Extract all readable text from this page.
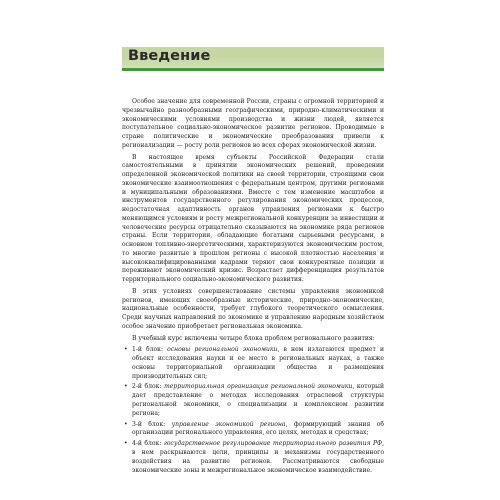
Введение

Особое значение для современной России, страны с огромной территорией и чрезвычайно разнообразными географическими, природно-климатическими и экономическими условиями производства и жизни людей, является поступательное социально-экономическое развитие регионов. Проводимые в стране политические и экономические преобразования привели к регионализации — росту роли регионов во всех сферах экономической жизни.

В настоящее время субъекты Российской Федерации стали самостоятельными в принятии экономических решений, проведении определенной экономической политики на своей территории, строящими свои экономические взаимоотношения с федеральным центром, другими регионами и муниципальными образованиями. Вместе с тем изменение масштабов и инструментов государственного регулирования экономических процессов, недостаточная адаптивность органов управления регионами к быстро меняющимся условиям и росту межрегиональной конкуренции за инвестиции и человеческие ресурсы отрицательно сказываются на экономике ряда регионов страны. Если территории, обладающие богатыми сырьевыми ресурсами, в основном топливно-энергетическими, характеризуются экономическим ростом, то многие развитые в прошлом регионы с высокой плотностью населения и высококвалифицированными кадрами теряют свои конкурентные позиции и переживают экономический кризис. Возрастает дифференциация результатов территориального социально-экономического развития.

В этих условиях совершенствование системы управления экономикой регионов, имеющих своеобразные исторические, природно-экономические, национальные особенности, требует глубокого теоретического осмысления. Среди научных направлений по экономике и управлению народным хозяйством особое значение приобретает региональная экономика.

В учебный курс включены четыре блока проблем регионального развития:

• 1-й блок: основы региональной экономики, в нем излагаются предмет и объект исследования науки и ее место в региональных науках, а также основы территориальной организации общества и размещения производительных сил;
• 2-й блок: территориальная организация региональной экономики, который дает представление о методах исследования отраслевой структуры региональной экономики, о специализации и комплексном развитии региона;
• 3-й блок: управление экономикой региона, формирующий знания об организации регионального управления, его целях, методах и средствах;
• 4-й блок: государственное регулирование территориального развития РФ, в нем раскрываются цели, принципы и механизмы государственного воздействия на развитие регионов. Рассматриваются свободные экономические зоны и межрегиональное экономическое взаимодействие.
